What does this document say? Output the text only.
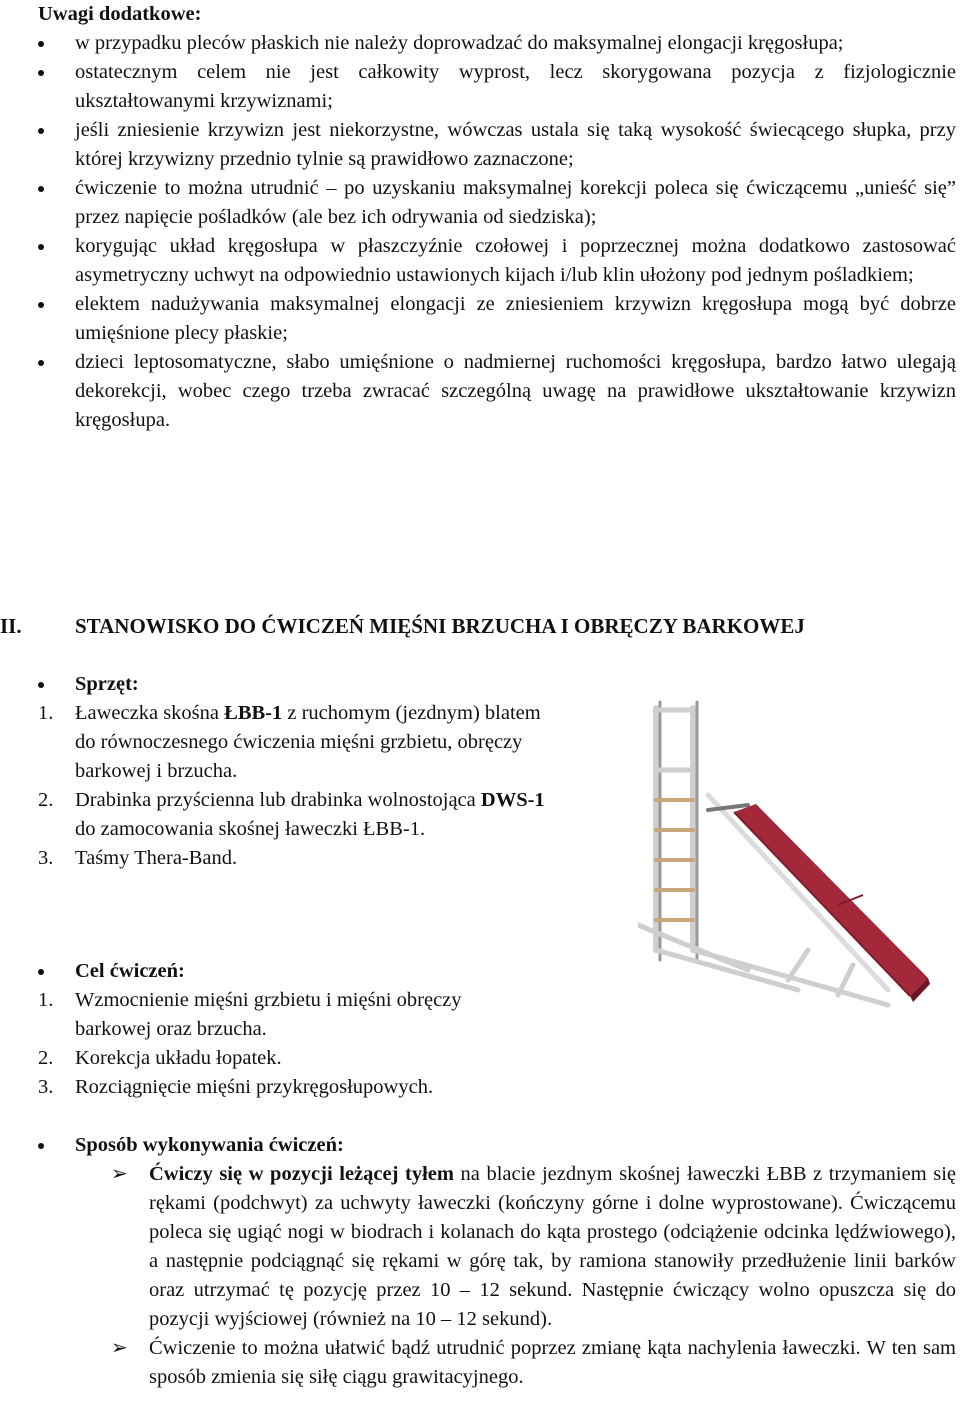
Uwagi dodatkowe:

w przypadku pleców płaskich nie należy doprowadzać do maksymalnej elongacji kręgosłupa;
ostatecznym celem nie jest całkowity wyprost, lecz skorygowana pozycja z fizjologicznie ukształtowanymi krzywiznami;
jeśli zniesienie krzywizn jest niekorzystne, wówczas ustala się taką wysokość świecącego słupka, przy której krzywizny przednio tylnie są prawidłowo zaznaczone;
ćwiczenie to można utrudnić – po uzyskaniu maksymalnej korekcji poleca się ćwiczącemu „unieść się” przez napięcie pośladków (ale bez ich odrywania od siedziska);
korygując układ kręgosłupa w płaszczyźnie czołowej i poprzecznej można dodatkowo zastosować asymetryczny uchwyt na odpowiednio ustawionych kijach i/lub klin ułożony pod jednym pośladkiem;
elektem nadużywania maksymalnej elongacji ze zniesieniem krzywizn kręgosłupa mogą być dobrze umięśnione plecy płaskie;
dzieci leptosomatyczne, słabo umięśnione o nadmiernej ruchomości kręgosłupa, bardzo łatwo ulegają dekorekcji, wobec czego trzeba zwracać szczególną uwagę na prawidłowe ukształtowanie krzywizn kręgosłupa.
II.	STANOWISKO DO ĆWICZEŃ MIĘŚNI BRZUCHA I OBRĘCZY BARKOWEJ
Sprzęt:
1. Ławeczka skośna ŁBB-1 z ruchomym (jezdnym) blatem do równoczesnego ćwiczenia mięśni grzbietu, obręczy barkowej i brzucha.
2. Drabinka przyścienna lub drabinka wolnostojąca DWS-1 do zamocowania skośnej ławeczki ŁBB-1.
3. Taśmy Thera-Band.
Cel ćwiczeń:
1. Wzmocnienie mięśni grzbietu i mięśni obręczy barkowej oraz brzucha.
2. Korekcja układu łopatek.
3. Rozciągnięcie mięśni przykręgosłupowych.
Sposób wykonywania ćwiczeń:
➢ Ćwiczy się w pozycji leżącej tyłem na blacie jezdnym skośnej ławeczki ŁBB z trzymaniem się rękami (podchwyt) za uchwyty ławeczki (kończyny górne i dolne wyprostowane). Ćwiczącemu poleca się ugiąć nogi w biodrach i kolanach do kąta prostego (odciążenie odcinka lędźwiowego), a następnie podciągnąć się rękami w górę tak, by ramiona stanowiły przedłużenie linii barków oraz utrzymać tę pozycję przez 10 – 12 sekund. Następnie ćwiczący wolno opuszcza się do pozycji wyjściowej (również na 10 – 12 sekund).
➢ Ćwiczenie to można ułatwić bądź utrudnić poprzez zmianę kąta nachylenia ławeczki. W ten sam sposób zmienia się siłę ciągu grawitacyjnego.
